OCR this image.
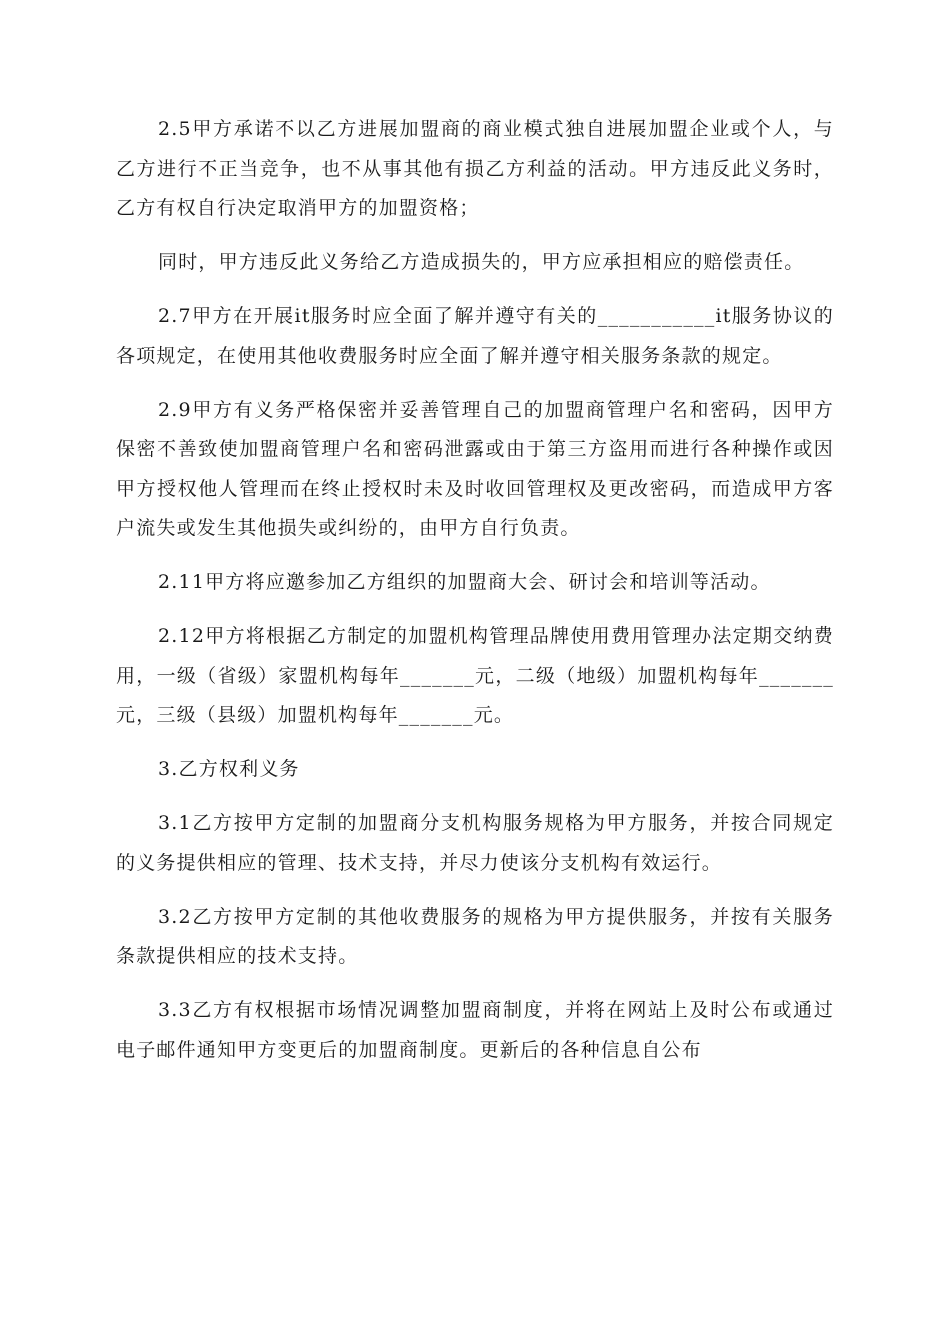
2.5甲方承诺不以乙方进展加盟商的商业模式独自进展加盟企业或个人，与乙方进行不正当竞争，也不从事其他有损乙方利益的活动。甲方违反此义务时，乙方有权自行决定取消甲方的加盟资格；

同时，甲方违反此义务给乙方造成损失的，甲方应承担相应的赔偿责任。

2.7甲方在开展it服务时应全面了解并遵守有关的___________it服务协议的各项规定，在使用其他收费服务时应全面了解并遵守相关服务条款的规定。

2.9甲方有义务严格保密并妥善管理自己的加盟商管理户名和密码，因甲方保密不善致使加盟商管理户名和密码泄露或由于第三方盗用而进行各种操作或因甲方授权他人管理而在终止授权时未及时收回管理权及更改密码，而造成甲方客户流失或发生其他损失或纠纷的，由甲方自行负责。

2.11甲方将应邀参加乙方组织的加盟商大会、研讨会和培训等活动。

2.12甲方将根据乙方制定的加盟机构管理品牌使用费用管理办法定期交纳费用，一级（省级）家盟机构每年_______元，二级（地级）加盟机构每年_______元，三级（县级）加盟机构每年_______元。

3.乙方权利义务

3.1乙方按甲方定制的加盟商分支机构服务规格为甲方服务，并按合同规定的义务提供相应的管理、技术支持，并尽力使该分支机构有效运行。

3.2乙方按甲方定制的其他收费服务的规格为甲方提供服务，并按有关服务条款提供相应的技术支持。

3.3乙方有权根据市场情况调整加盟商制度，并将在网站上及时公布或通过电子邮件通知甲方变更后的加盟商制度。更新后的各种信息自公布
